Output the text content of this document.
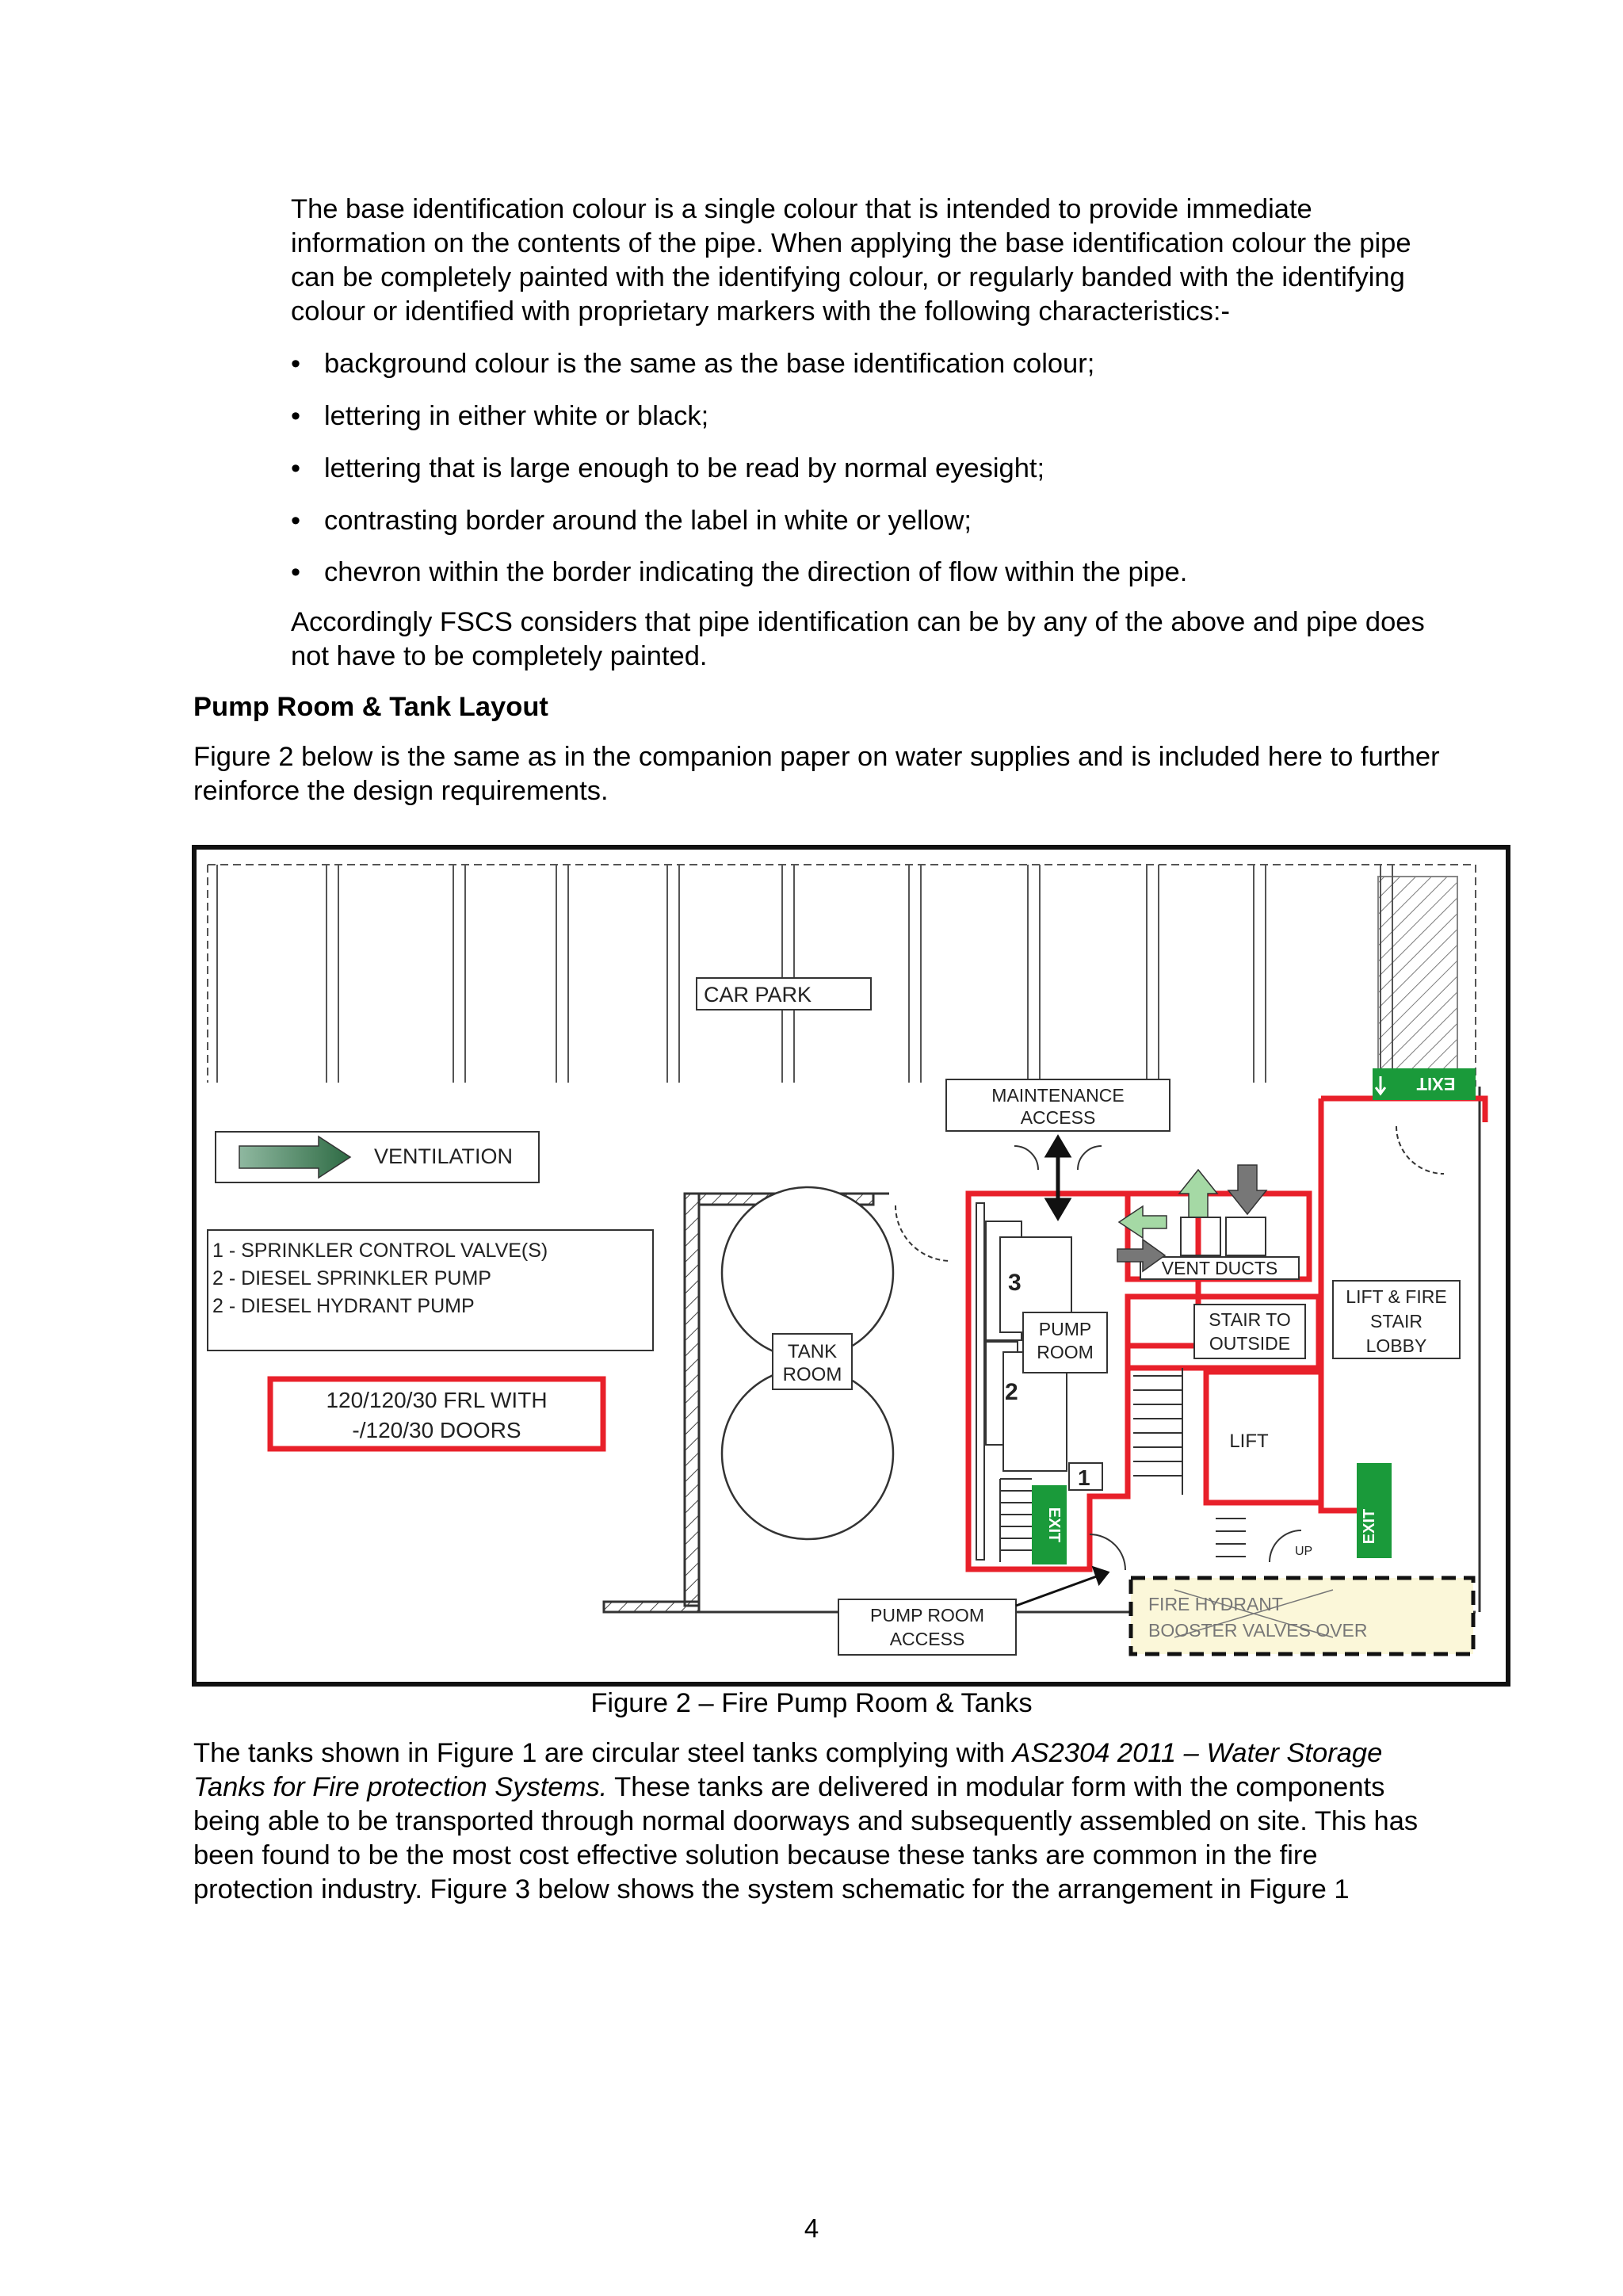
The base identification colour is a single colour that is intended to provide immediate
information on the contents of the pipe. When applying the base identification colour the pipe
can be completely painted with the identifying colour, or regularly banded with the identifying
colour or identified with proprietary markers with the following characteristics:-
• background colour is the same as the base identification colour;
• lettering in either white or black;
• lettering that is large enough to be read by normal eyesight;
• contrasting border around the label in white or yellow;
• chevron within the border indicating the direction of flow within the pipe.
Accordingly FSCS considers that pipe identification can be by any of the above and pipe does
not have to be completely painted.
Pump Room & Tank Layout
Figure 2 below is the same as in the companion paper on water supplies and is included here to further
reinforce the design requirements.
CAR PARK
MAINTENANCE
ACCESS
VENTILATION
1 - SPRINKLER CONTROL VALVE(S)
2 - DIESEL SPRINKLER PUMP
2 - DIESEL HYDRANT PUMP
120/120/30 FRL WITH
-/120/30 DOORS
TANK
ROOM
3
2
PUMP
ROOM
1
EXIT
VENT DUCTS
STAIR TO
OUTSIDE
LIFT
LIFT & FIRE
STAIR
LOBBY
EXIT
EXIT
UP
PUMP ROOM
ACCESS
FIRE HYDRANT
BOOSTER VALVES OVER
Figure 2 – Fire Pump Room & Tanks
The tanks shown in Figure 1 are circular steel tanks complying with AS2304 2011 – Water Storage
Tanks for Fire protection Systems. These tanks are delivered in modular form with the components
being able to be transported through normal doorways and subsequently assembled on site. This has
been found to be the most cost effective solution because these tanks are common in the fire
protection industry. Figure 3 below shows the system schematic for the arrangement in Figure 1
4
